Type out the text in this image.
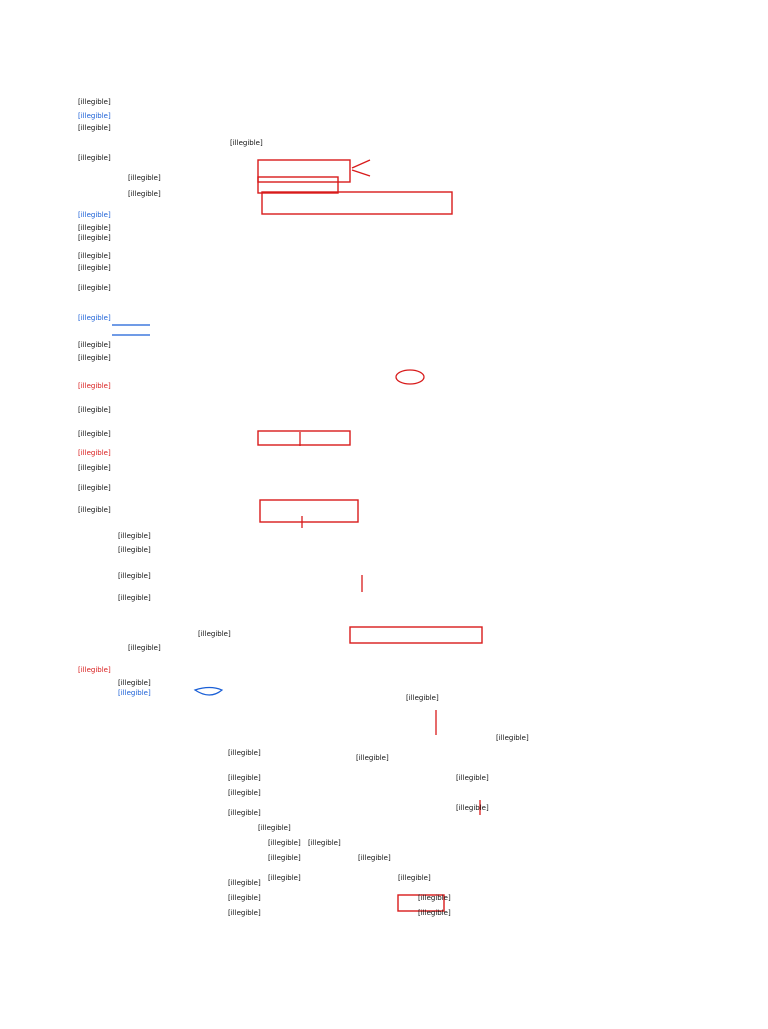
[illegible]
[illegible]
[illegible]
[illegible]
[illegible]
[illegible]
[illegible]
[illegible]
[illegible]
[illegible]
[illegible]
[illegible]
[illegible]
[illegible]
[illegible]
[illegible]
[illegible]
[illegible]
[illegible]
[illegible]
[illegible]
[illegible]
[illegible]
[illegible]
[illegible]
[illegible]
[illegible]
[illegible]
[illegible]
[illegible]
[illegible]
[illegible]
[illegible]
[illegible]
[illegible]
[illegible]
[illegible]
[illegible]
[illegible]
[illegible]
[illegible]
[illegible]
[illegible]
[illegible]
[illegible]
[illegible]
[illegible]
[illegible]
[illegible]
[illegible]
[illegible]
[illegible]
[illegible]
